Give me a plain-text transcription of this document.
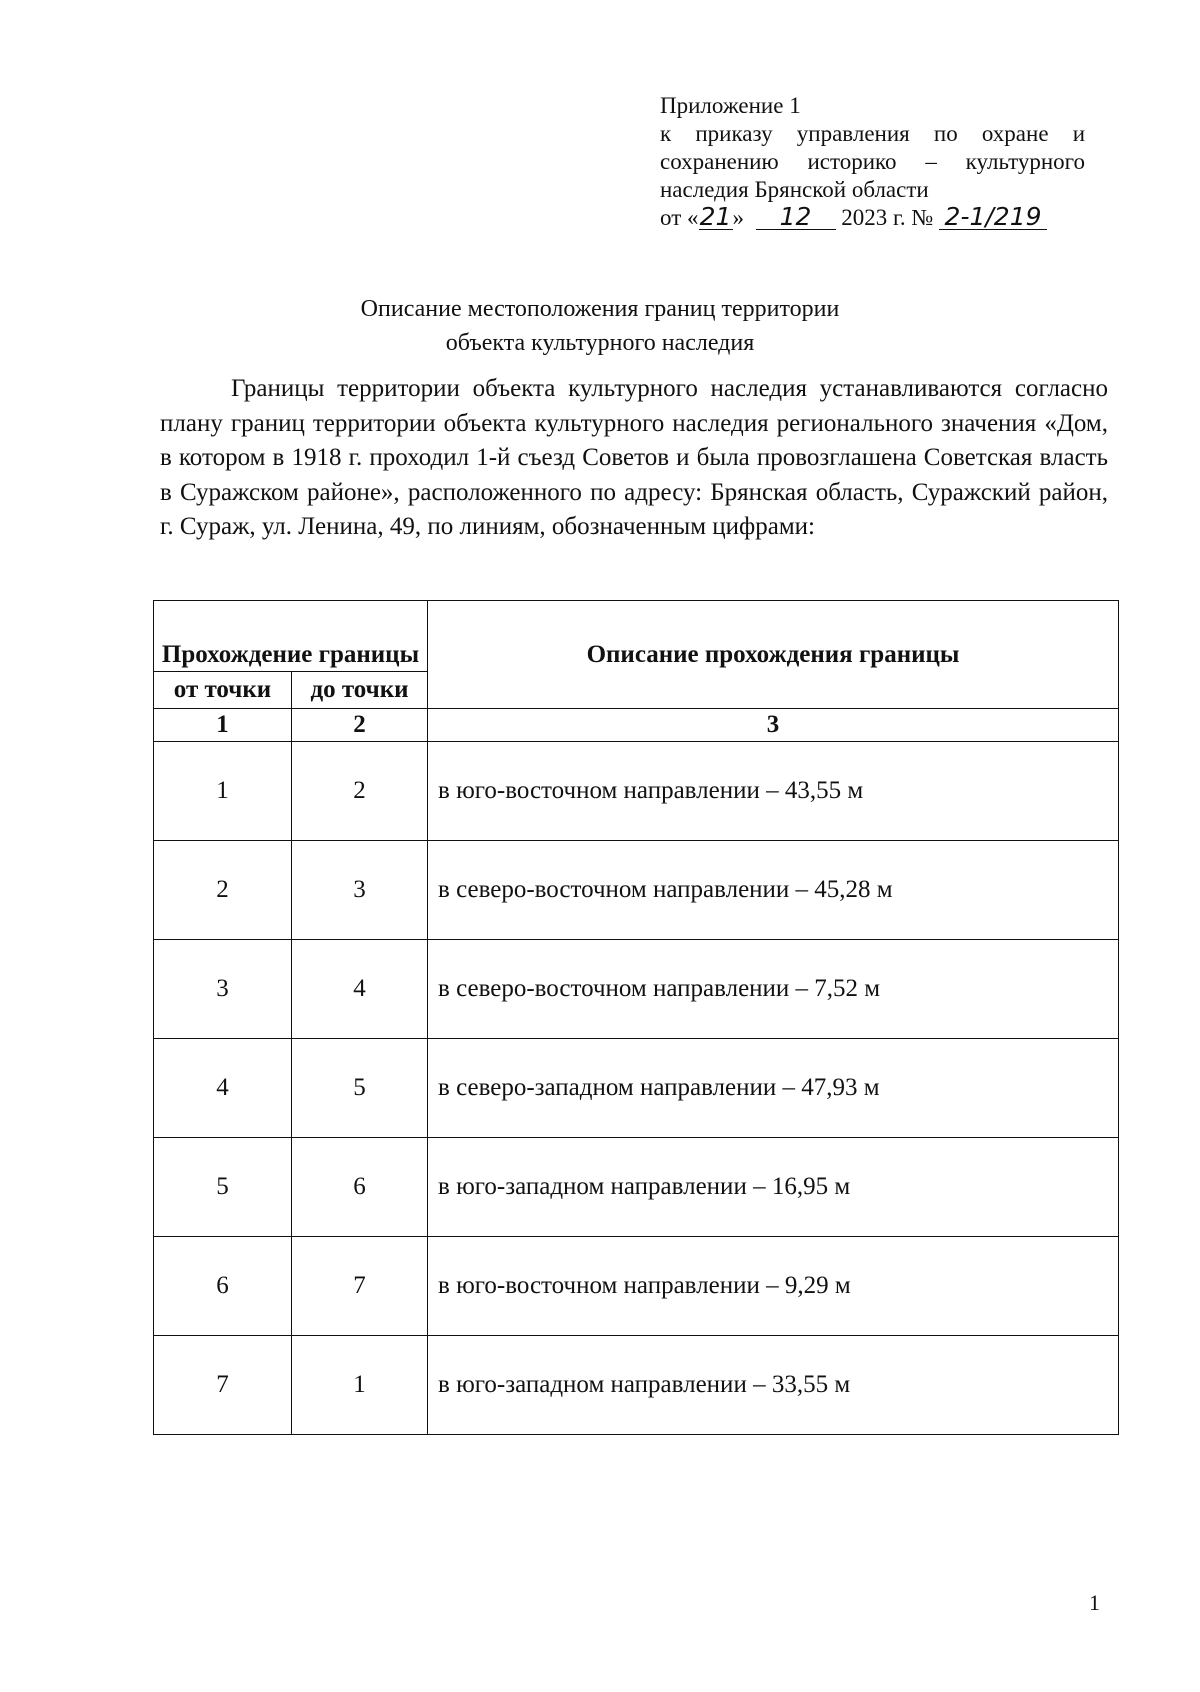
Приложение 1
к приказу управления по охране и
сохранению историко – культурного
наследия Брянской области
от «21» 12 2023 г. № 2-1/219
Описание местоположения границ территории
объекта культурного наследия
Границы территории объекта культурного наследия устанавливаются согласно плану границ территории объекта культурного наследия регионального значения «Дом, в котором в 1918 г. проходил 1-й съезд Советов и была провозглашена Советская власть в Суражском районе», расположенного по адресу: Брянская область, Суражский район, г. Сураж, ул. Ленина, 49, по линиям, обозначенным цифрами:
Прохождение границы		Описание прохождения границы
от точки	до точки	
1	2	3
1	2	в юго-восточном направлении – 43,55 м
2	3	в северо-восточном направлении – 45,28 м
3	4	в северо-восточном направлении – 7,52 м
4	5	в северо-западном направлении – 47,93 м
5	6	в юго-западном направлении – 16,95 м
6	7	в юго-восточном направлении – 9,29 м
7	1	в юго-западном направлении – 33,55 м
1
